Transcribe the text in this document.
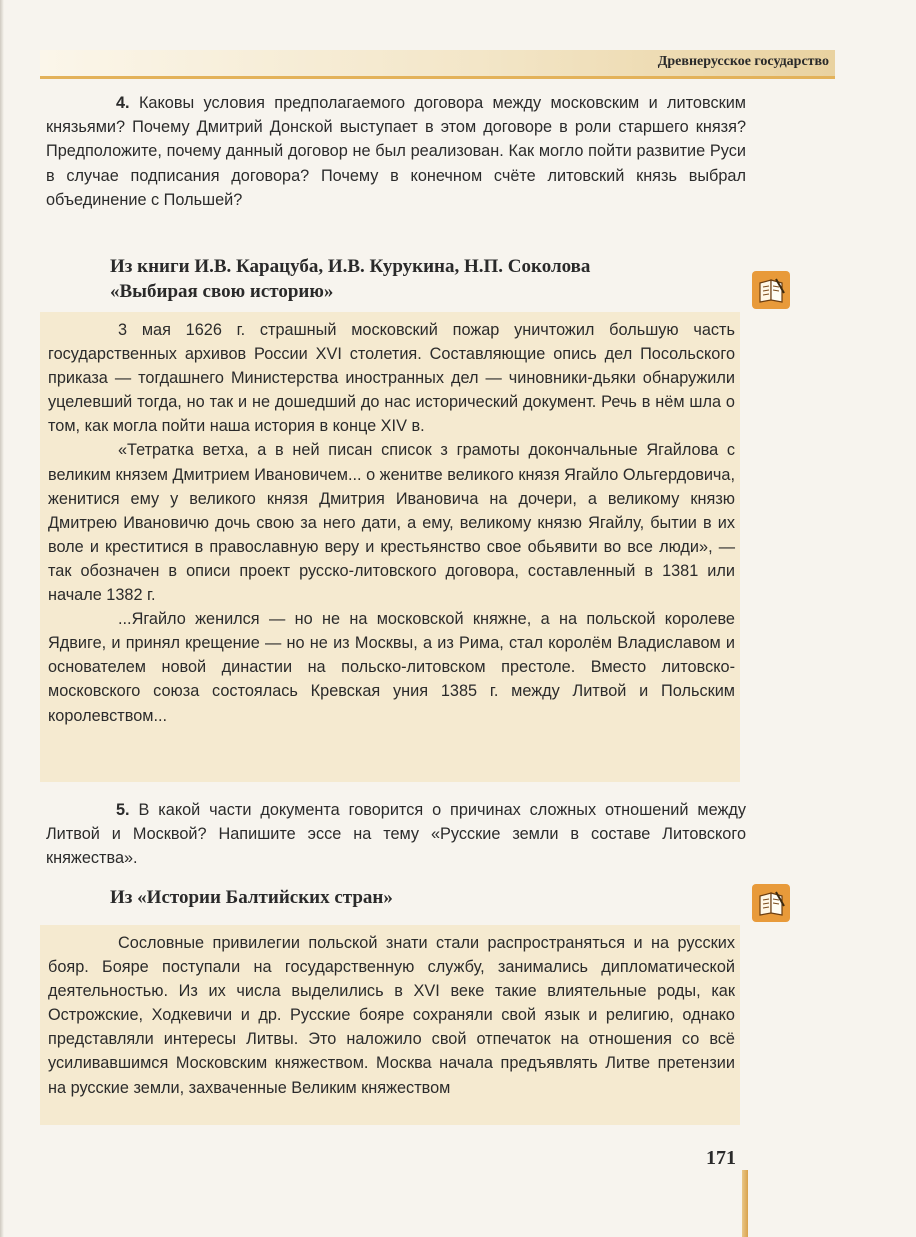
Древнерусское государство

4. Каковы условия предполагаемого договора между московским и литовским князьями? Почему Дмитрий Донской выступает в этом договоре в роли старшего князя? Предположите, почему данный договор не был реализован. Как могло пойти развитие Руси в случае подписания договора? Почему в конечном счёте литовский князь выбрал объединение с Польшей?

Из книги И.В. Карацуба, И.В. Курукина, Н.П. Соколова
«Выбирая свою историю»

3 мая 1626 г. страшный московский пожар уничтожил большую часть государственных архивов России XVI столетия. Составляющие опись дел Посольского приказа — тогдашнего Министерства иностранных дел — чиновники-дьяки обнаружили уцелевший тогда, но так и не дошедший до нас исторический документ. Речь в нём шла о том, как могла пойти наша история в конце XIV в.

«Тетратка ветха, а в ней писан список з грамоты докончальные Ягайлова с великим князем Дмитрием Ивановичем... о женитве великого князя Ягайло Ольгердовича, женитися ему у великого князя Дмитрия Ивановича на дочери, а великому князю Дмитрею Ивановичю дочь свою за него дати, а ему, великому князю Ягайлу, бытии в их воле и креститися в православную веру и крестьянство свое обьявити во все люди», — так обозначен в описи проект русско-литовского договора, составленный в 1381 или начале 1382 г.

...Ягайло женился — но не на московской княжне, а на польской королеве Ядвиге, и принял крещение — но не из Москвы, а из Рима, стал королём Владиславом и основателем новой династии на польско-литовском престоле. Вместо литовско-московского союза состоялась Кревская уния 1385 г. между Литвой и Польским королевством...

5. В какой части документа говорится о причинах сложных отношений между Литвой и Москвой? Напишите эссе на тему «Русские земли в составе Литовского княжества».

Из «Истории Балтийских стран»

Сословные привилегии польской знати стали распространяться и на русских бояр. Бояре поступали на государственную службу, занимались дипломатической деятельностью. Из их числа выделились в XVI веке такие влиятельные роды, как Острожские, Ходкевичи и др. Русские бояре сохраняли свой язык и религию, однако представляли интересы Литвы. Это наложило свой отпечаток на отношения со всё усиливавшимся Московским княжеством. Москва начала предъявлять Литве претензии на русские земли, захваченные Великим княжеством

171
